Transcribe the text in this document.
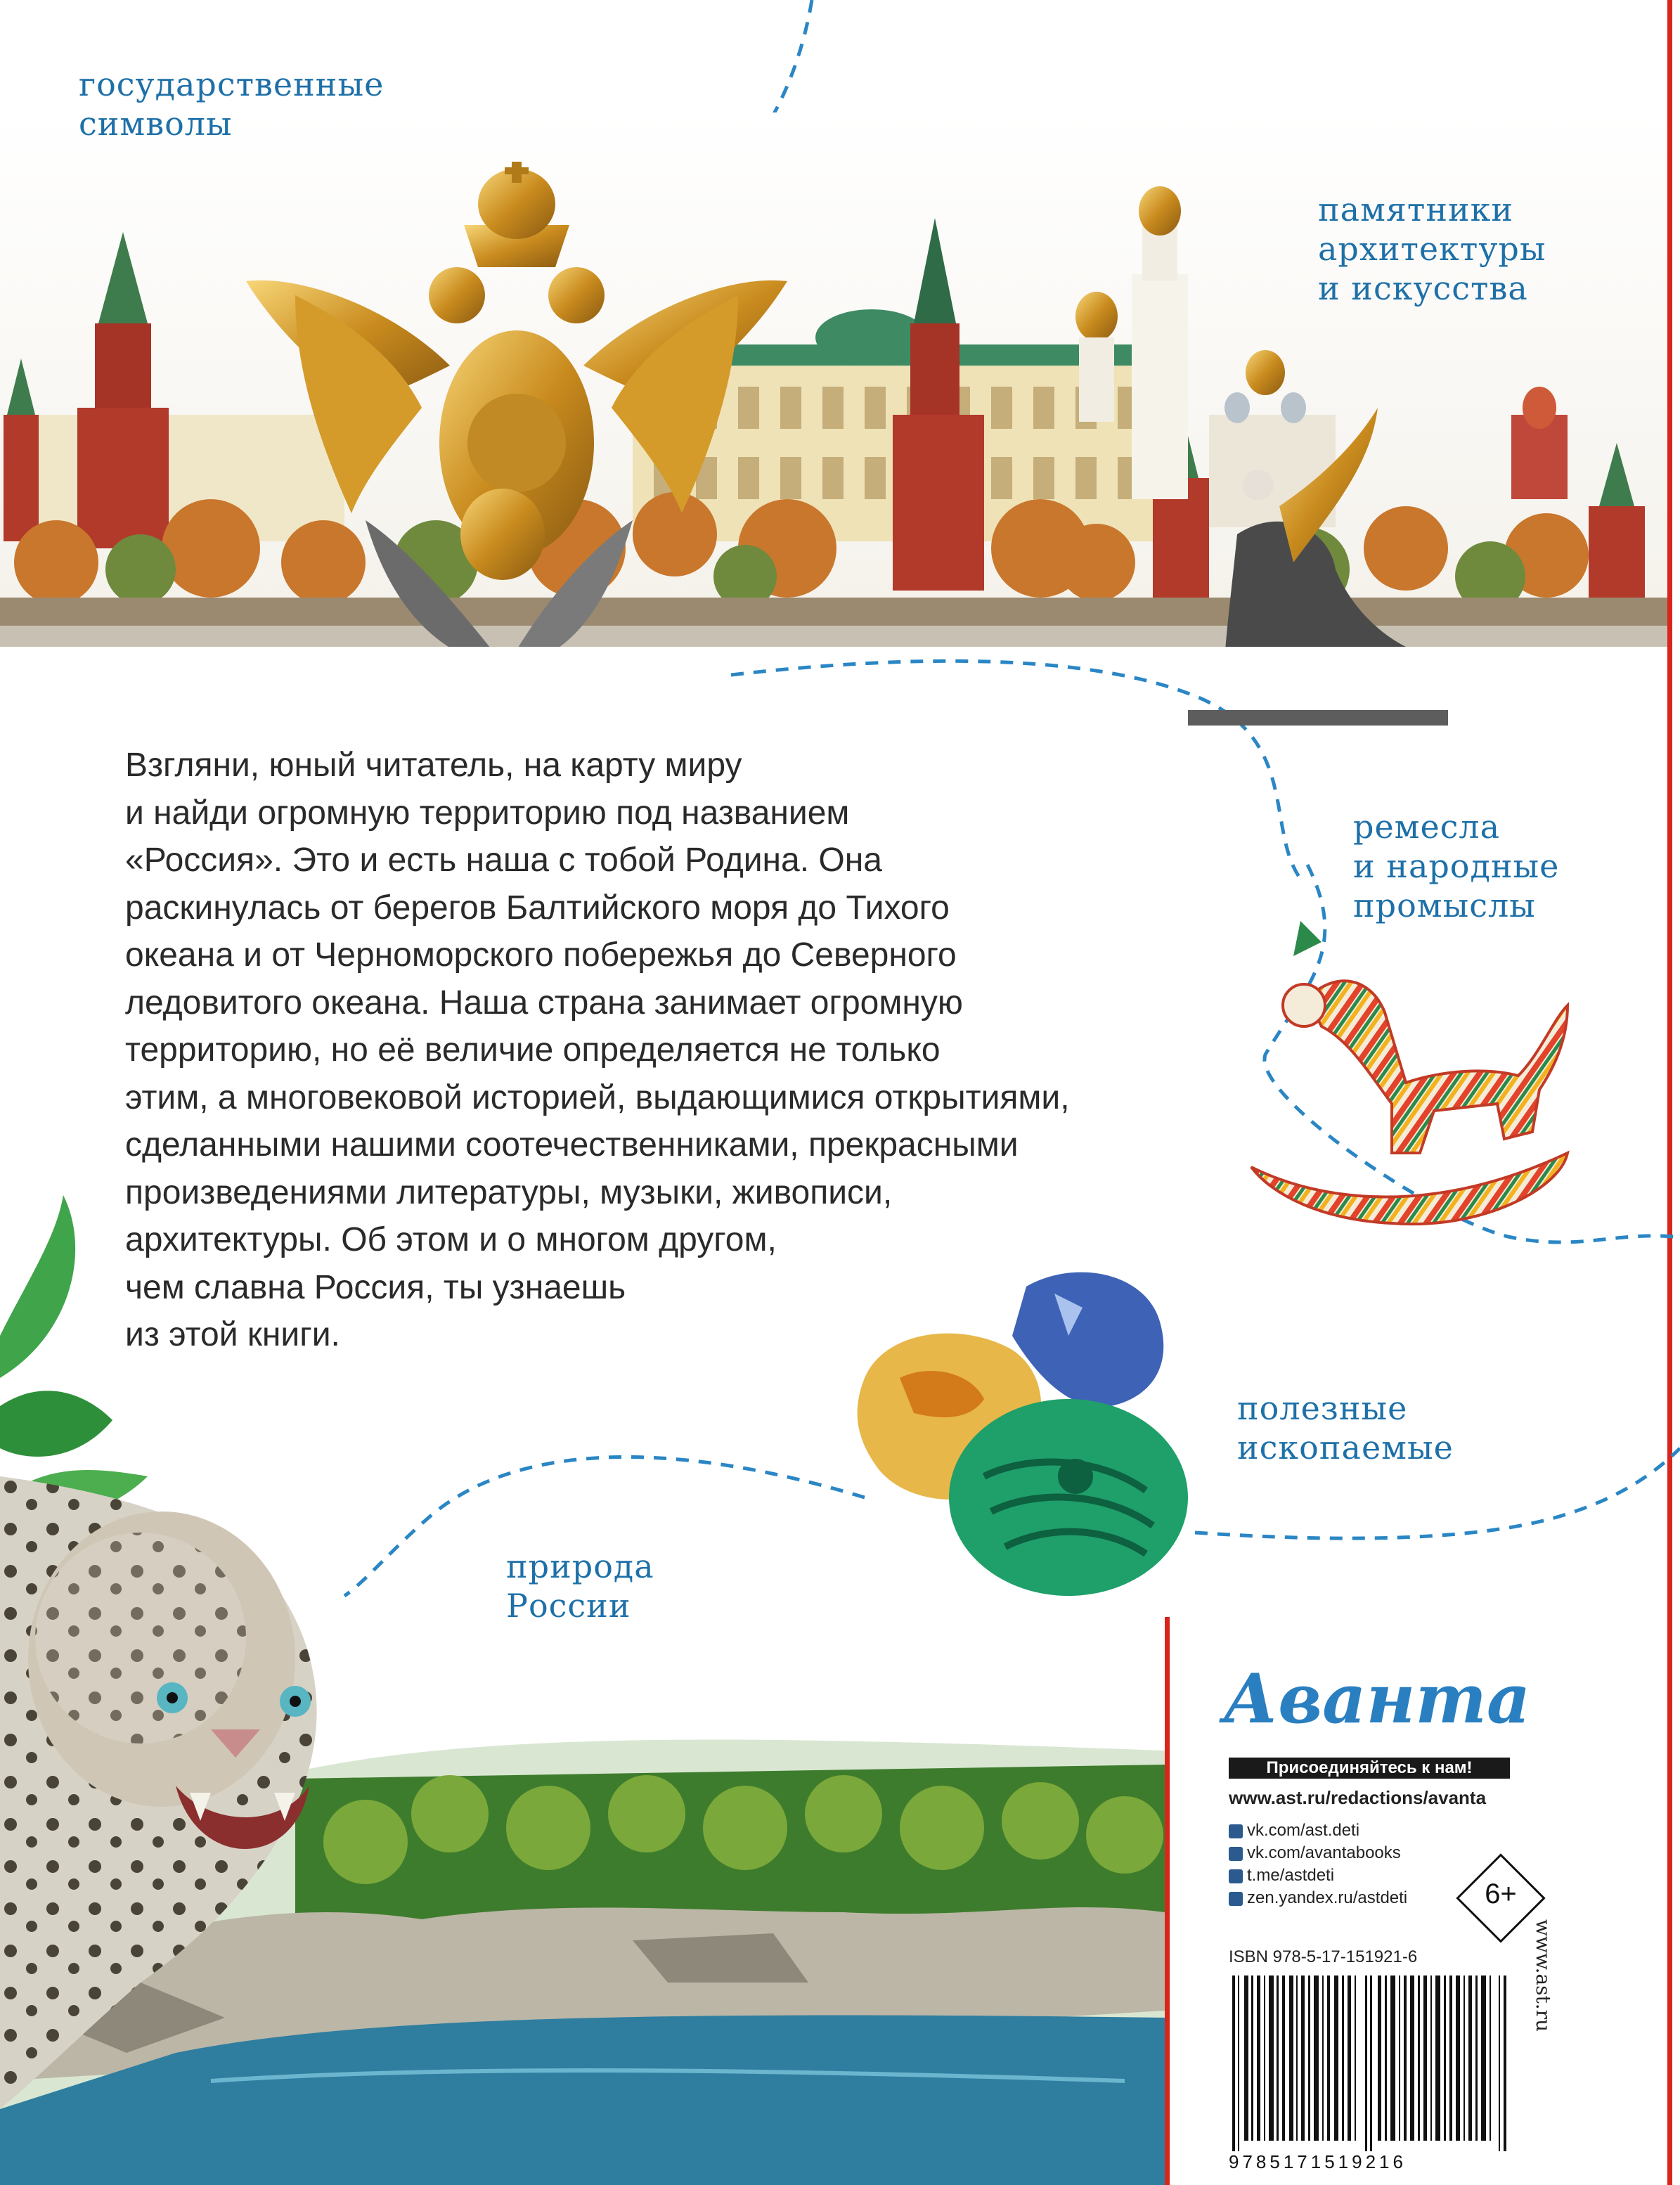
государственные
символы
памятники
архитектуры
и искусства
ремесла
и народные
промыслы
полезные
ископаемые
природа
России
Взгляни, юный читатель, на карту миру
и найди огромную территорию под названием
«Россия». Это и есть наша с тобой Родина. Она
раскинулась от берегов Балтийского моря до Тихого
океана и от Черноморского побережья до Северного
ледовитого океана. Наша страна занимает огромную
территорию, но её величие определяется не только
этим, а многовековой историей, выдающимися открытиями,
сделанными нашими соотечественниками, прекрасными
произведениями литературы, музыки, живописи,
архитектуры. Об этом и о многом другом,
чем славна Россия, ты узнаешь
из этой книги.
Аванта
Присоединяйтесь к нам!
www.ast.ru/redactions/avanta
vk.com/ast.deti
vk.com/avantabooks
t.me/astdeti
zen.yandex.ru/astdeti	6+
ISBN 978-5-17-151921-6
9785171519216
www.ast.ru
